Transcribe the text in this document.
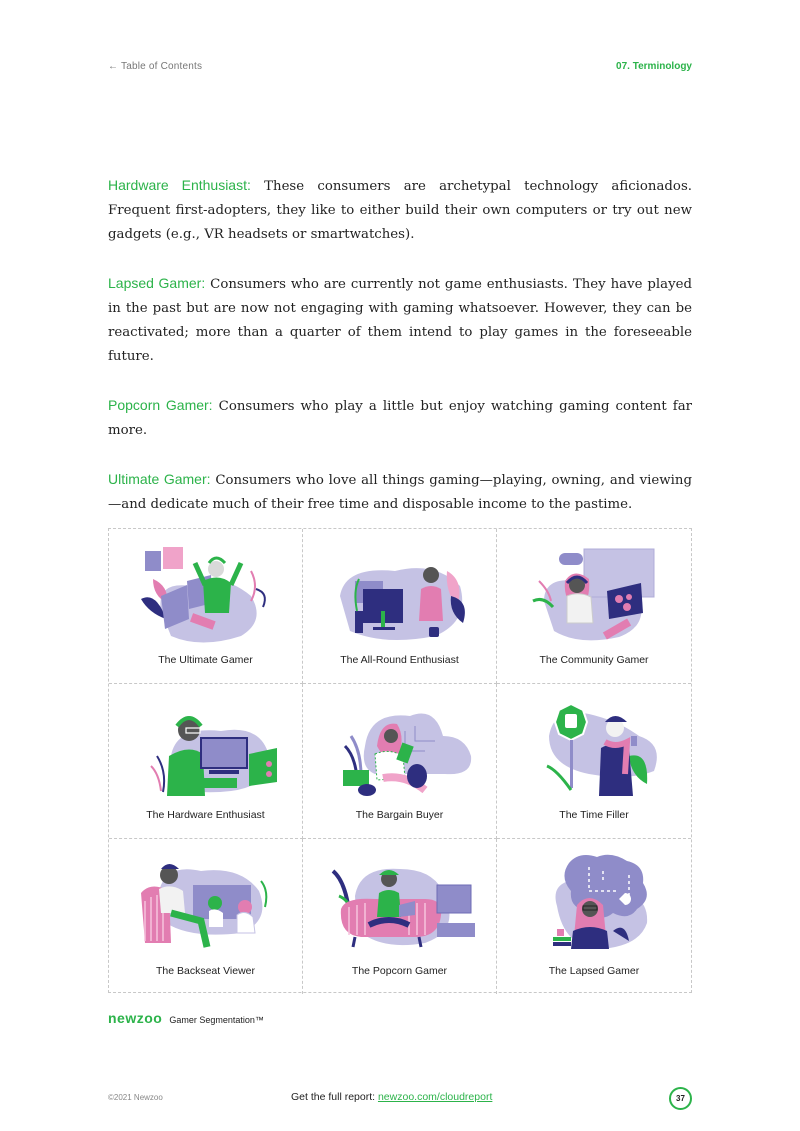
← Table of Contents	07. Terminology

Hardware Enthusiast: These consumers are archetypal technology aficionados. Frequent first-adopters, they like to either build their own computers or try out new gadgets (e.g., VR headsets or smartwatches).

Lapsed Gamer: Consumers who are currently not game enthusiasts. They have played in the past but are now not engaging with gaming whatsoever. However, they can be reactivated; more than a quarter of them intend to play games in the foreseeable future.

Popcorn Gamer: Consumers who play a little but enjoy watching gaming content far more.

Ultimate Gamer: Consumers who love all things gaming—playing, owning, and viewing—and dedicate much of their free time and disposable income to the pastime.

The Ultimate Gamer	The All-Round Enthusiast	The Community Gamer
The Hardware Enthusiast	The Bargain Buyer	The Time Filler
The Backseat Viewer	The Popcorn Gamer	The Lapsed Gamer
newzoo Gamer Segmentation™
©2021 Newzoo	Get the full report: newzoo.com/cloudreport	37
